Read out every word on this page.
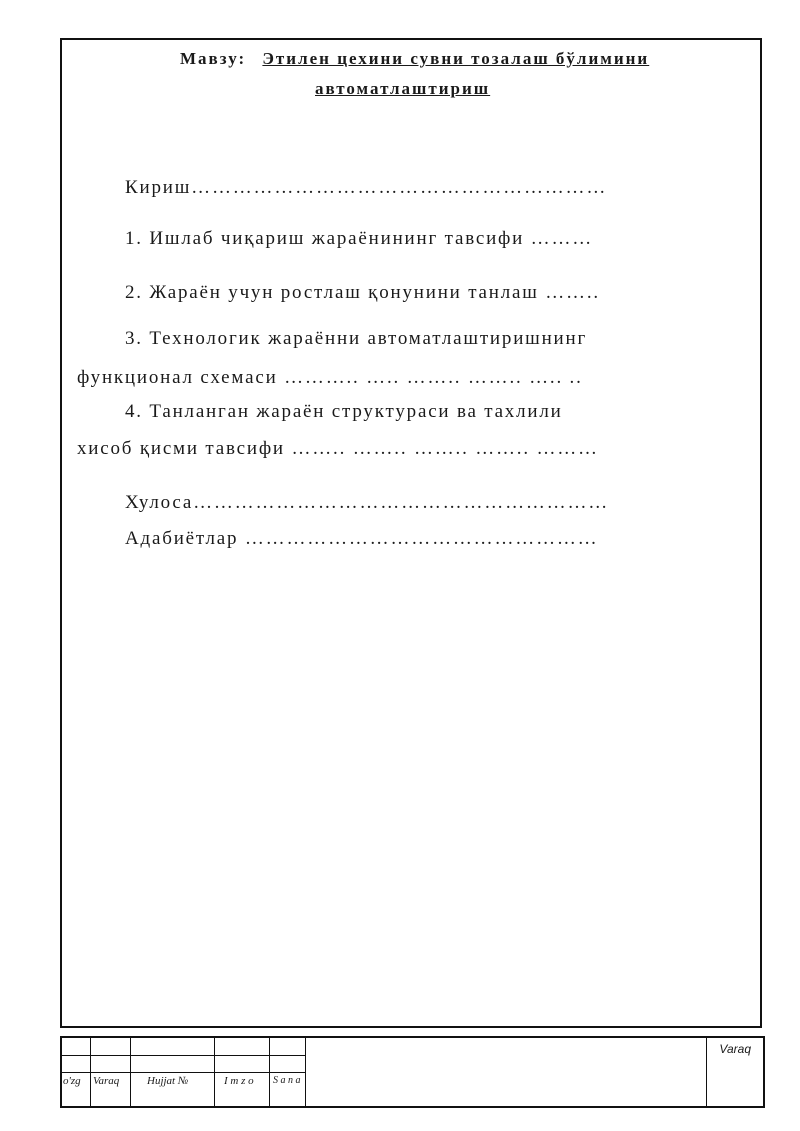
Мавзу: Этилен цехини сувни тозалаш бўлимини
автоматлаштириш
Кириш……………………………………………………
1. Ишлаб чиқариш жараёнининг тавсифи ………
2. Жараён учун ростлаш қонунини танлаш ……..
3. Технологик жараённи автоматлаштиришнинг
функционал схемаси ……….. ….. …….. …….. ….. ..
4. Танланган жараён структураси ва тахлили
хисоб қисми тавсифи …….. …….. …….. …….. ………
Хулоса……………………………………………………
Адабиётлар ……………………………………………
o'zg Varaq	Hujjat №	I m z o S a n a
Varaq
